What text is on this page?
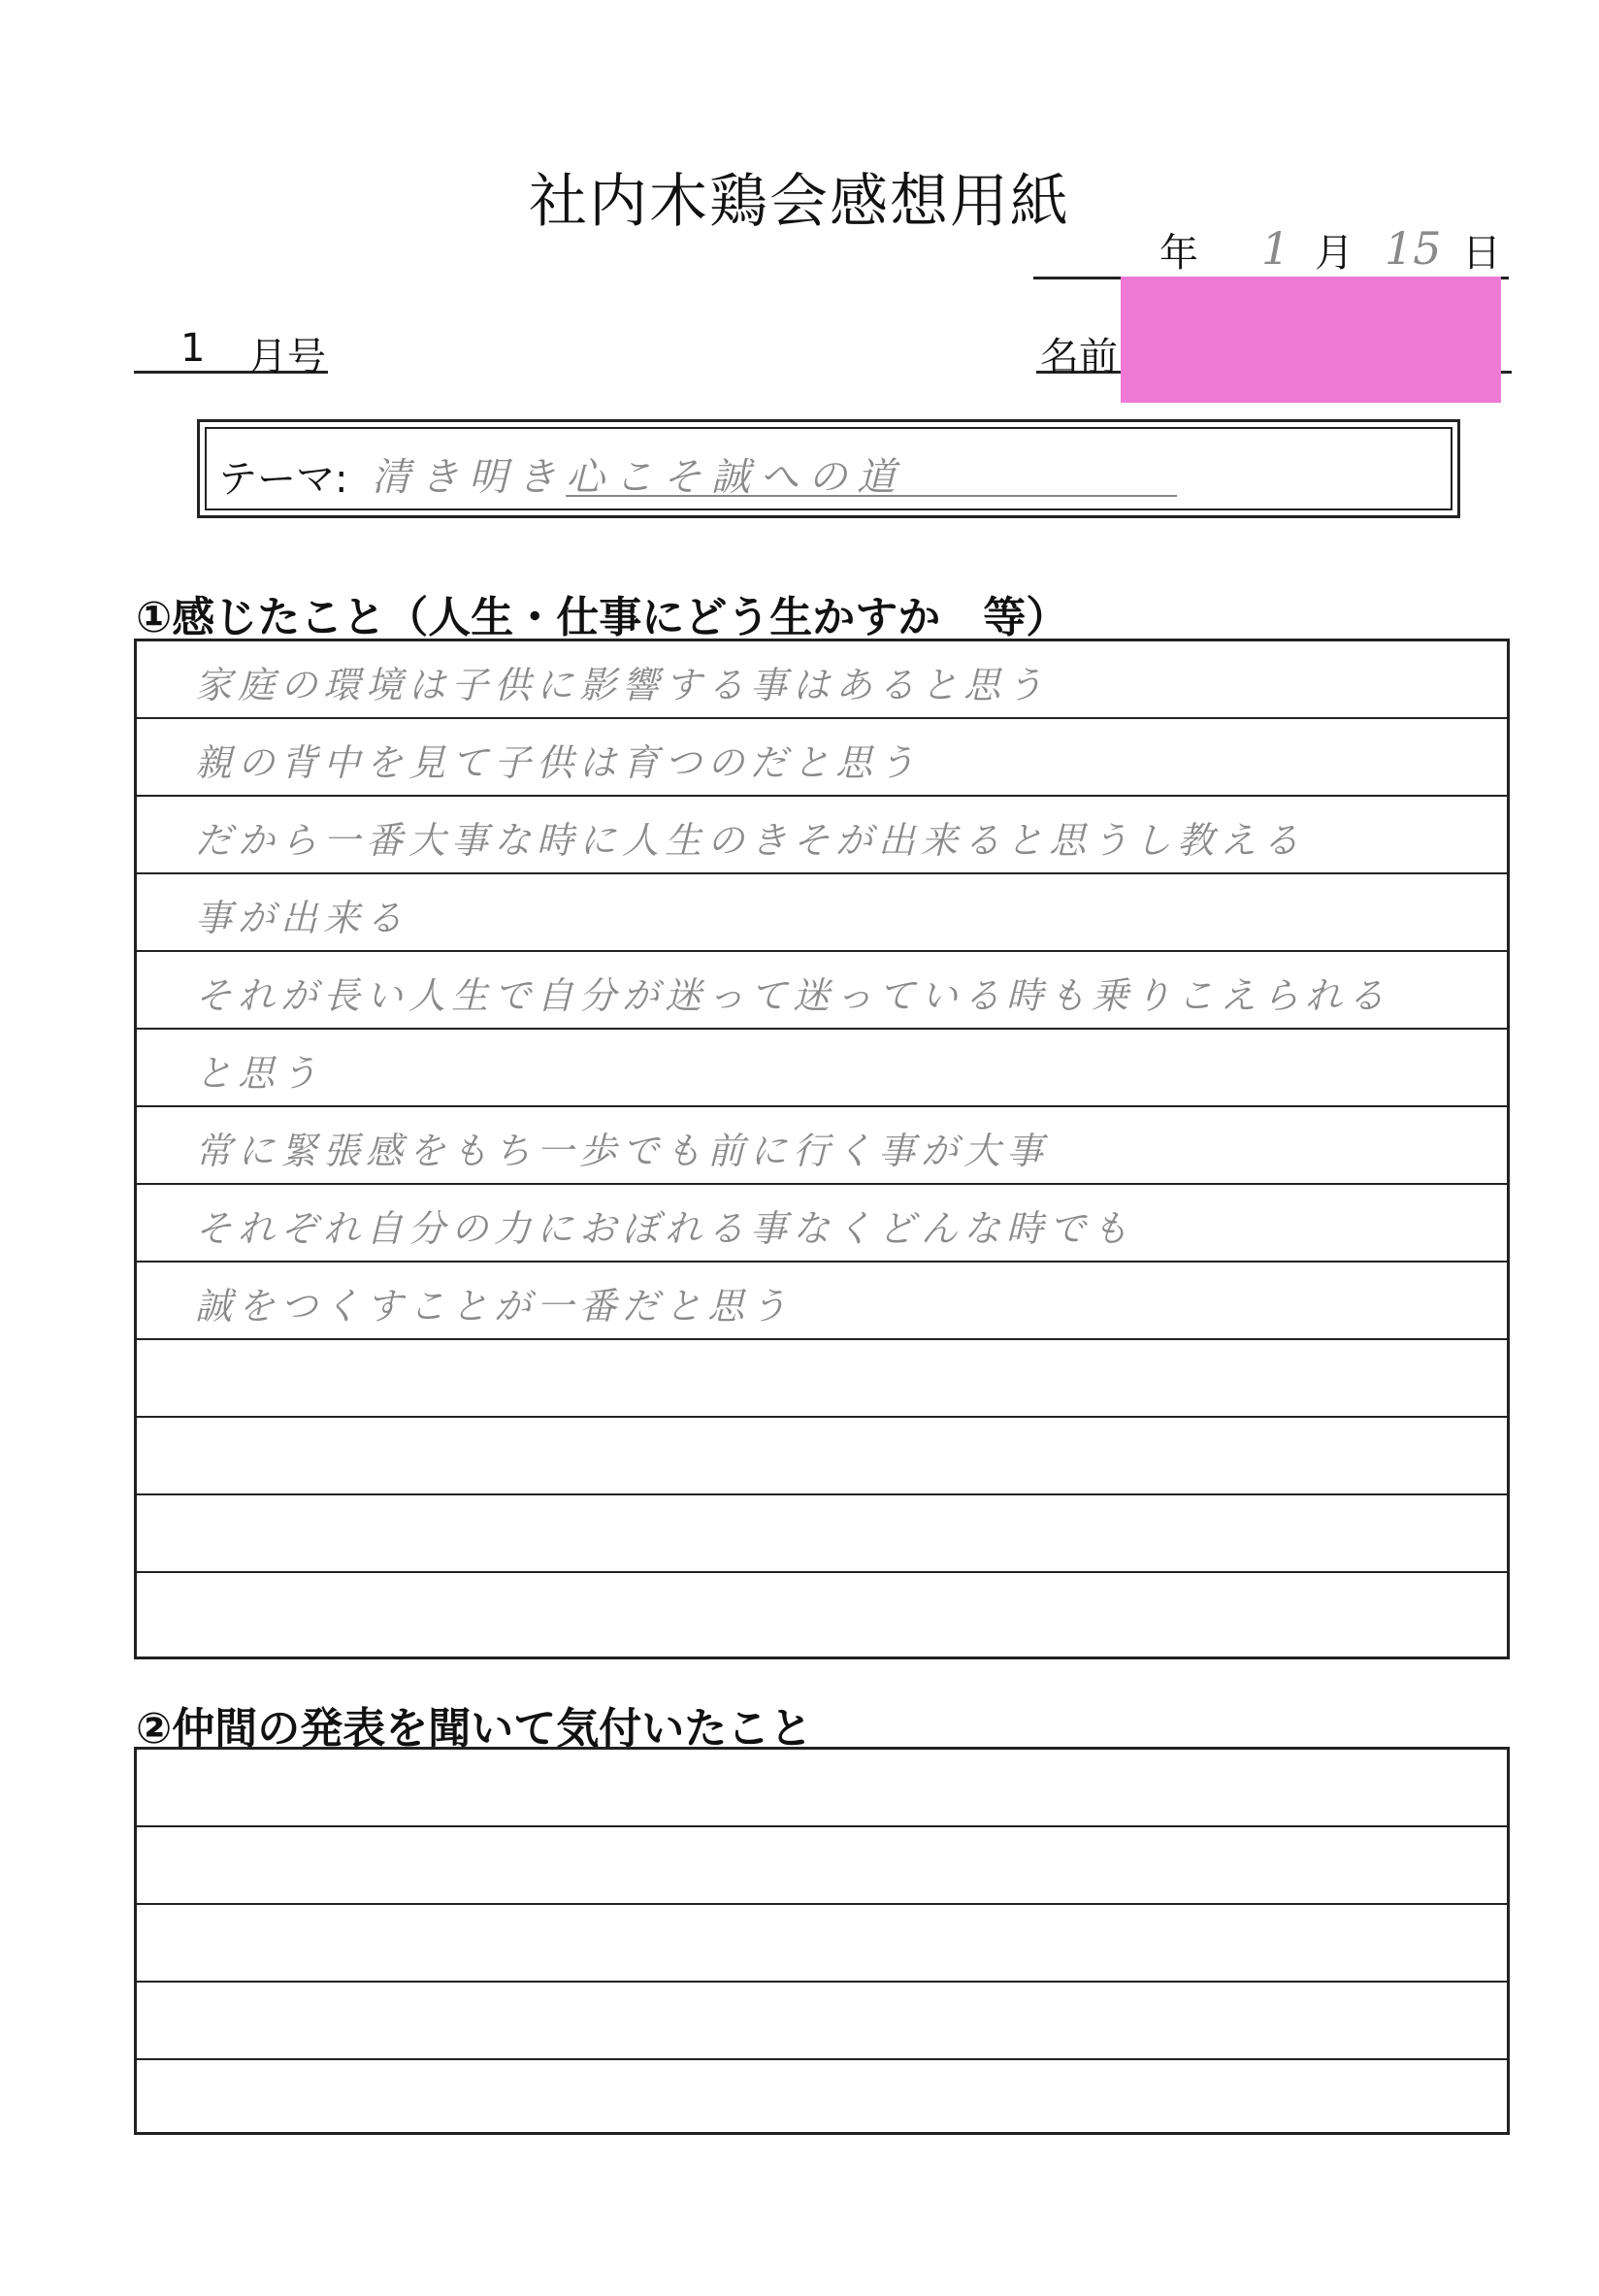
社内木鶏会感想用紙
年 1 月 15 日
1 月号	名前
テーマ: 清き明き心こそ誠への道
①感じたこと（人生・仕事にどう生かすか　等）
家庭の環境は子供に影響する事はあると思う
親の背中を見て子供は育つのだと思う
だから一番大事な時に人生のきそが出来ると思うし教える
事が出来る
それが長い人生で自分が迷って迷っている時も乗りこえられる
と思う
常に緊張感をもち一歩でも前に行く事が大事
それぞれ自分の力におぼれる事なくどんな時でも
誠をつくすことが一番だと思う
②仲間の発表を聞いて気付いたこと
